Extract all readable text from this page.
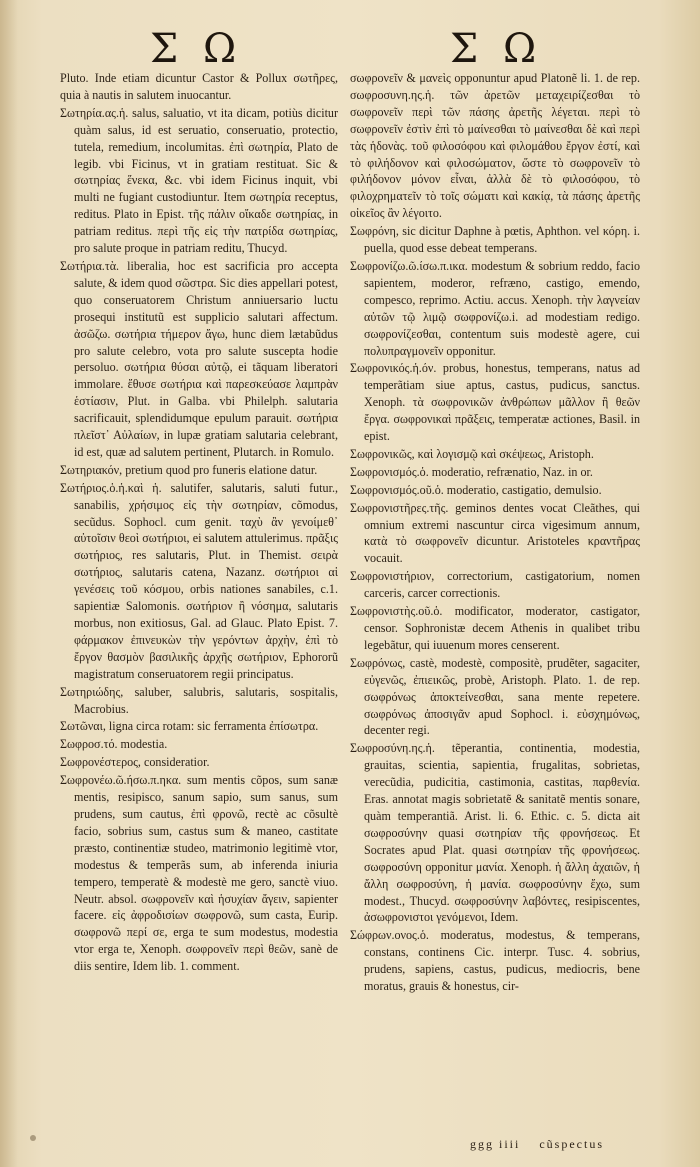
Σ Ω	Σ Ω

Pluto. Inde etiam dicuntur Castor & Pollux σωτῆρες, quia à nautis in salutem inuocantur.

Σωτηρία.ας.ἡ. salus, saluatio, vt ita dicam, potiùs dicitur quàm salus, id est seruatio, conseruatio, protectio, tutela, remedium, incolumitas. ἐπὶ σωτηρία, Plato de legib. vbi Ficinus, vt in gratiam restituat. Sic & σωτηρίας ἕνεκα, &c. vbi idem Ficinus inquit, vbi multi ne fugiant custodiuntur. Item σωτηρία receptus, reditus. Plato in Epist. τῆς πάλιν οἴκαδε σωτηρίας, in patriam reditus. περὶ τῆς εἰς τὴν πατρίδα σωτηρίας, pro salute proque in patriam reditu, Thucyd.

Σωτήρια.τὰ. liberalia, hoc est sacrificia pro accepta salute, & idem quod σῶστρα. Sic dies appellari potest, quo conseruatorem Christum anniuersario luctu prosequi institutũ est supplicio salutari affectum. ἀσῶζω. σωτήρια τήμερον ἄγω, hunc diem lætabũdus pro salute celebro, vota pro salute suscepta hodie persoluo. σωτήρια θύσαι αὐτῷ, ei tãquam liberatori immolare. ἔθυσε σωτήρια καὶ παρεσκεύασε λαμπρὰν ἑστίασιν, Plut. in Galba. vbi Philelph. salutaria sacrificauit, splendidumque epulum parauit. σωτήρια πλεῖστ᾽ Αὐλαίων, in lupæ gratiam salutaria celebrant, id est, quæ ad salutem pertinent, Plutarch. in Romulo.

Σωτηριακόν, pretium quod pro funeris elatione datur.

Σωτήριος.ὁ.ἡ.καὶ ἡ. salutifer, salutaris, saluti futur., sanabilis, χρήσιμος εἰς τὴν σωτηρίαν, cõmodus, secũdus. Sophocl. cum genit. ταχὺ ἂν γενοίμεθ᾽ αὐτοῖσιν θεοὶ σωτήριοι, ei salutem attulerimus. πρᾶξις σωτήριος, res salutaris, Plut. in Themist. σειρὰ σωτήριος, salutaris catena, Nazanz. σωτήριοι αἱ γενέσεις τοῦ κόσμου, orbis nationes sanabiles, c.1. sapientiæ Salomonis. σωτήριον ἢ νόσημα, salutaris morbus, non exitiosus, Gal. ad Glauc. Plato Epist. 7. φάρμακον ἐπινευκὼν τὴν γερόντων ἀρχὴν, ἐπὶ τὸ ἔργον θασμὸν βασιλικῆς ἀρχῆς σωτήριον, Ephororũ magistratum conseruatorem regii principatus.

Σωτηριώδης, saluber, salubris, salutaris, sospitalis, Macrobius.

Σωτῶναι, ligna circa rotam: sic ferramenta ἐπίσωτρα.

Σωφροσ.τό. modestia.

Σωφρονέστερος, consideratior.

Σωφρονέω.ῶ.ήσω.π.ηκα. sum mentis cõpos, sum sanæ mentis, resipisco, sanum sapio, sum sanus, sum prudens, sum cautus, ἐπὶ φρονῶ, rectè ac cõsultè facio, sobrius sum, castus sum & maneo, castitate præsto, continentiæ studeo, matrimonio legitimè vtor, modestus & temperãs sum, ab inferenda iniuria tempero, temperatè & modestè me gero, sanctè viuo. Neutr. absol. σωφρονεῖν καὶ ἡσυχίαν ἄγειν, sapienter facere. εἰς ἀφροδισίων σωφρονῶ, sum casta, Eurip. σωφρονῶ περί σε, erga te sum modestus, modestia vtor erga te, Xenoph. σωφρονεῖν περὶ θεῶν, sanè de diis sentire, Idem lib. 1. comment.

σωφρονεῖν & μανεὶς opponuntur apud Platonẽ li. 1. de rep. σωφροσυνη.ης.ἡ. τῶν ἀρετῶν μεταχειρίζεσθαι τὸ σωφρονεῖν περὶ τῶν πάσης ἀρετῆς λέγεται. περὶ τὸ σωφρονεῖν ἐστὶν ἐπὶ τὸ μαίνεσθαι τὸ μαίνεσθαι δὲ καὶ περὶ τὰς ἡδονὰς. τοῦ φιλοσόφου καὶ φιλομάθου ἔργον ἐστί, καὶ τὸ φιλήδονον καὶ φιλοσώματον, ὥστε τὸ σωφρονεῖν τὸ φιλήδονον μόνον εἶναι, ἀλλὰ δὲ τὸ φιλοσόφου, τὸ φιλοχρηματεῖν τὸ τοῖς σώματι καὶ κακίᾳ, τὰ πάσης ἀρετῆς οἰκεῖος ἂν λέγοιτο.

Σωφρόνη, sic dicitur Daphne à pœtis, Aphthon. vel κόρη. i. puella, quod esse debeat temperans.

Σωφρονίζω.ῶ.ίσω.π.ικα. modestum & sobrium reddo, facio sapientem, moderor, refræno, castigo, emendo, compesco, reprimo. Actiu. accus. Xenoph. τὴν λαγνείαν αὐτῶν τῷ λιμῷ σωφρονίζω.i. ad modestiam redigo. σωφρονίζεσθαι, contentum suis modestè agere, cui πολυπραγμονεῖν opponitur.

Σωφρονικός.ἡ.όν. probus, honestus, temperans, natus ad temperãtiam siue aptus, castus, pudicus, sanctus. Xenoph. τὰ σωφρονικῶν ἀνθρώπων μᾶλλον ἢ θεῶν ἔργα. σωφρονικαὶ πρᾶξεις, temperatæ actiones, Basil. in epist.

Σωφρονικῶς, καὶ λογισμῷ καὶ σκέψεως, Aristoph.

Σωφρονισμός.ὁ. moderatio, refrænatio, Naz. in or.

Σωφρονισμός.οῦ.ὁ. moderatio, castigatio, demulsio.

Σωφρονιστῆρες.τῆς. geminos dentes vocat Cleãthes, qui omnium extremi nascuntur circa vigesimum annum, κατὰ τὸ σωφρονεῖν dicuntur. Aristoteles κραντῆρας vocauit.

Σωφρονιστήριον, correctorium, castigatorium, nomen carceris, carcer correctionis.

Σωφρονιστὴς.οῦ.ὁ. modificator, moderator, castigator, censor. Sophronistæ decem Athenis in qualibet tribu legebãtur, qui iuuenum mores censerent.

Σωφρόνως, castè, modestè, compositè, prudẽter, sagaciter, εὐγενῶς, ἐπιεικῶς, probè, Aristoph. Plato. 1. de rep. σωφρόνως ἀποκτείνεσθαι, sana mente repetere. σωφρόνως ἀποσιγᾶν apud Sophocl. i. εὐσχημόνως, decenter regi.

Σωφροσύνη.ης.ἡ. tẽperantia, continentia, modestia, grauitas, scientia, sapientia, frugalitas, sobrietas, verecũdia, pudicitia, castimonia, castitas, παρθενία. Eras. annotat magis sobrietatẽ & sanitatẽ mentis sonare, quàm temperantiã. Arist. li. 6. Ethic. c. 5. dicta ait σωφροσύνην quasi σωτηρίαν τῆς φρονήσεως. Et Socrates apud Plat. quasi σωτηρίαν τῆς φρονήσεως. σωφροσύνη opponitur μανία. Xenoph. ἡ ἄλλη ἀχαιῶν, ἡ ἄλλη σωφροσύνη, ἡ μανία. σωφροσύνην ἔχω, sum modest., Thucyd. σωφροσύνην λαβόντες, resipiscentes, ἀσωφρονιστοι γενόμενοι, Idem.

Σώφρων.ονος.ὁ. moderatus, modestus, & temperans, constans, continens Cic. interpr. Tusc. 4. sobrius, prudens, sapiens, castus, pudicus, mediocris, bene moratus, grauis & honestus, cir-

ggg iiii cũspectus
